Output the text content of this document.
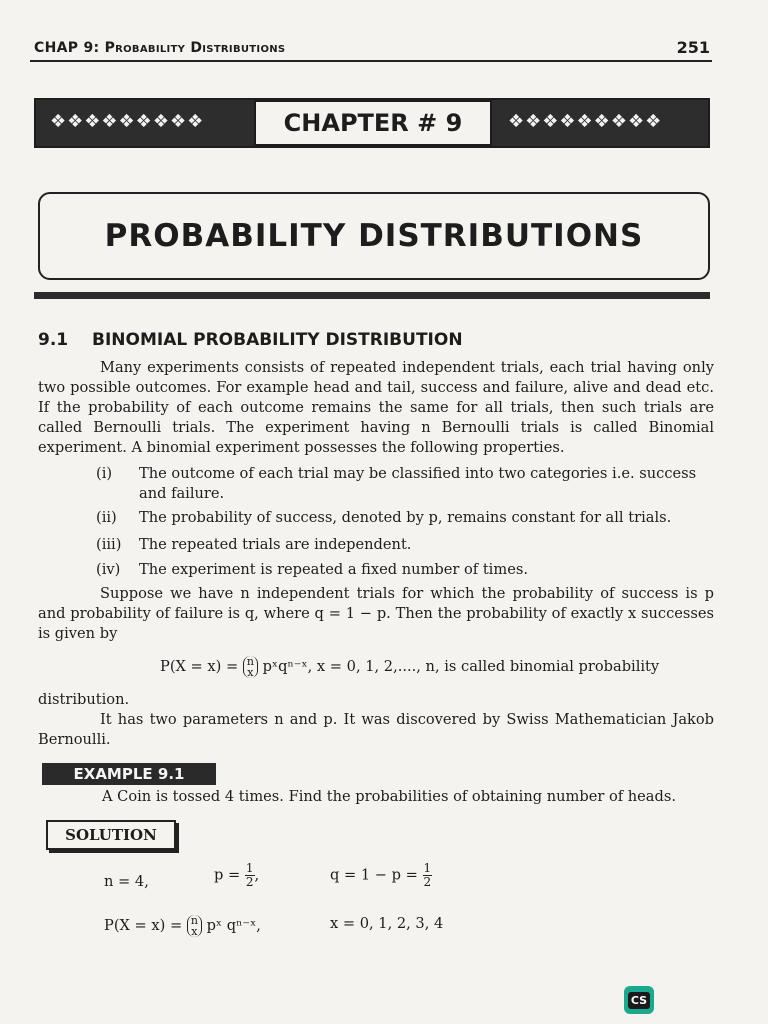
CHAP 9: Probability Distributions	251
❖❖❖❖❖❖❖❖❖	CHAPTER # 9	❖❖❖❖❖❖❖❖❖
PROBABILITY DISTRIBUTIONS
9.1 BINOMIAL PROBABILITY DISTRIBUTION
Many experiments consists of repeated independent trials, each trial having only two possible outcomes. For example head and tail, success and failure, alive and dead etc. If the probability of each outcome remains the same for all trials, then such trials are called Bernoulli trials. The experiment having n Bernoulli trials is called Binomial experiment. A binomial experiment possesses the following properties.
(i) The outcome of each trial may be classified into two categories i.e. success and failure.
(ii) The probability of success, denoted by p, remains constant for all trials.
(iii) The repeated trials are independent.
(iv) The experiment is repeated a fixed number of times.
Suppose we have n independent trials for which the probability of success is p and probability of failure is q, where q = 1 − p. Then the probability of exactly x successes is given by
P(X = x) = n
x pˣqⁿ⁻ˣ, x = 0, 1, 2,...., n, is called binomial probability
distribution.
It has two parameters n and p. It was discovered by Swiss Mathematician Jakob Bernoulli.
EXAMPLE 9.1
A Coin is tossed 4 times. Find the probabilities of obtaining number of heads.
SOLUTION
n = 4,	$p = \frac{1}{2}$ ,	$q = 1 - p = \frac{1}{2}$
P(X = x) = n
x pˣ qⁿ⁻ˣ,	x = 0, 1, 2, 3, 4
CS
